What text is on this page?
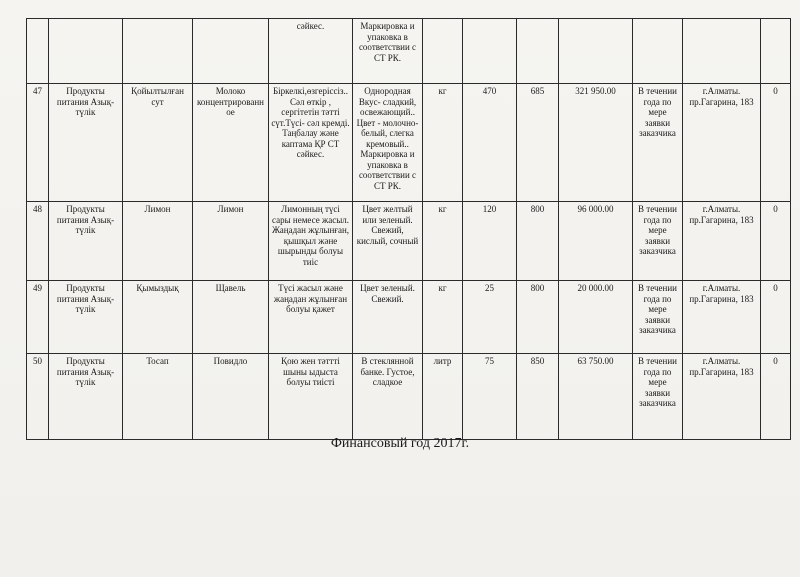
				сәйкес.	Маркировка и упаковка в соответствии с СТ РК.							
47	Продукты питания Азық-түлік	Қойылтылған сут	Молоко концентрированное	Біркелкі,өзгеріссіз.. Сәл өткір , сергітетін тәтті сүт.Түсі- сәл кремді. Таңбалау және каптама ҚР СТ сәйкес.	Однородная Вкус- сладкий, освежающий.. Цвет - молочно-белый, слегка кремовый.. Маркировка и упаковка в соответствии с СТ РК.	кг	470	685	321 950.00	В течении года по мере заявки заказчика	г.Алматы. пр.Гагарина, 183	0
48	Продукты питания Азық-түлік	Лимон	Лимон	Лимонның түсі сары немесе жасыл. Жаңадан жұлынған, қышқыл және шырынды болуы тиіс	Цвет желтый или зеленый. Свежий, кислый, сочный	кг	120	800	96 000.00	В течении года по мере заявки заказчика	г.Алматы. пр.Гагарина, 183	0
49	Продукты питания Азық-түлік	Қымыздық	Щавель	Түсі жасыл және жаңадан жұлынған болуы қажет	Цвет зеленый. Свежий.	кг	25	800	20 000.00	В течении года по мере заявки заказчика	г.Алматы. пр.Гагарина, 183	0
50	Продукты питания Азық-түлік	Тосап	Повидло	Қою жен тәттті шыны ыдыста болуы тиісті	В стеклянной банке. Густое, сладкое	литр	75	850	63 750.00	В течении года по мере заявки заказчика	г.Алматы. пр.Гагарина, 183	0
Финансовый год 2017г.
